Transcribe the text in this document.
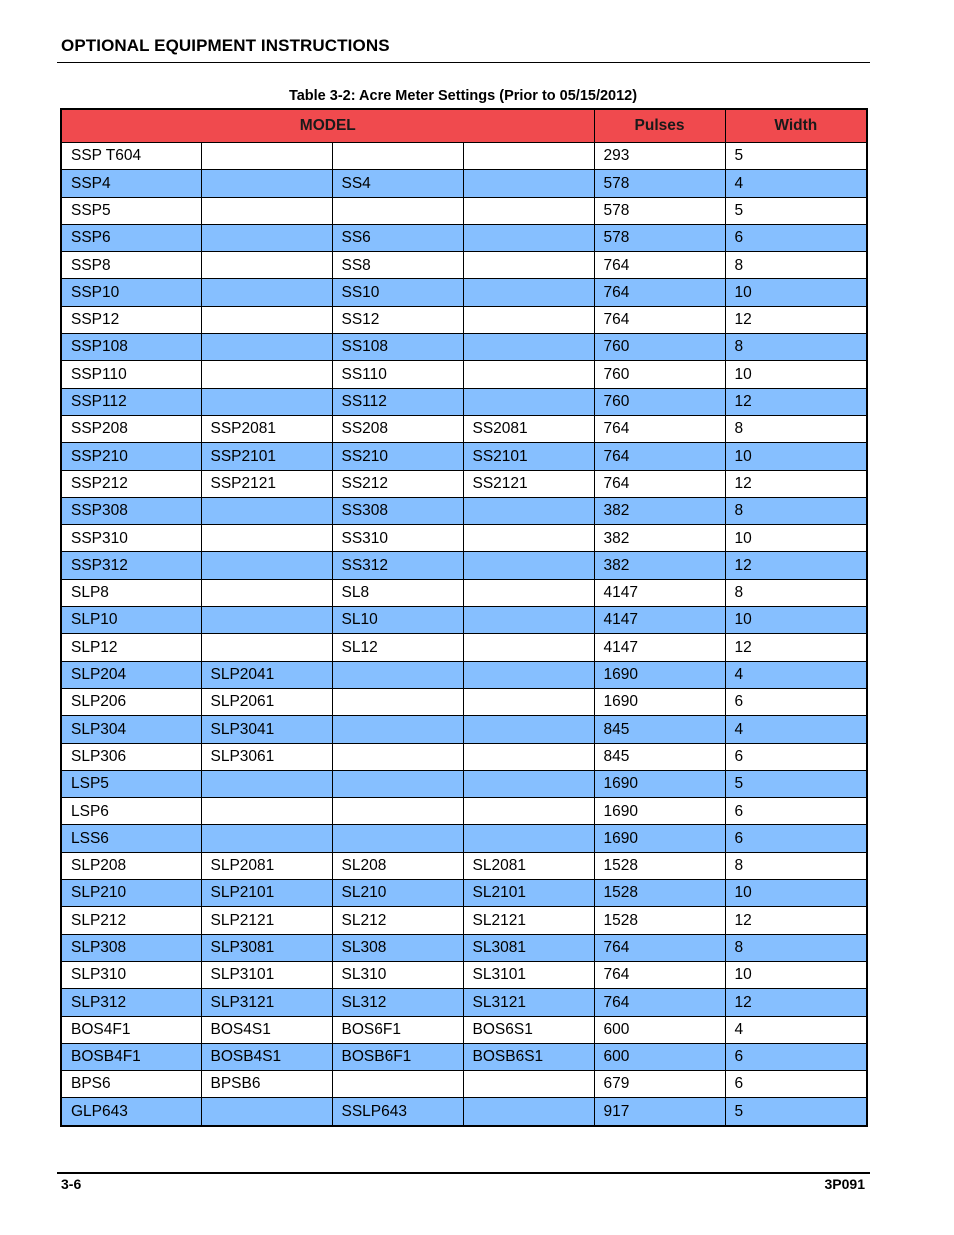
OPTIONAL EQUIPMENT INSTRUCTIONS
Table 3-2: Acre Meter Settings (Prior to 05/15/2012)
MODEL				Pulses	Width
SSP T604				293	5
SSP4		SS4		578	4
SSP5				578	5
SSP6		SS6		578	6
SSP8		SS8		764	8
SSP10		SS10		764	10
SSP12		SS12		764	12
SSP108		SS108		760	8
SSP110		SS110		760	10
SSP112		SS112		760	12
SSP208	SSP2081	SS208	SS2081	764	8
SSP210	SSP2101	SS210	SS2101	764	10
SSP212	SSP2121	SS212	SS2121	764	12
SSP308		SS308		382	8
SSP310		SS310		382	10
SSP312		SS312		382	12
SLP8		SL8		4147	8
SLP10		SL10		4147	10
SLP12		SL12		4147	12
SLP204	SLP2041			1690	4
SLP206	SLP2061			1690	6
SLP304	SLP3041			845	4
SLP306	SLP3061			845	6
LSP5				1690	5
LSP6				1690	6
LSS6				1690	6
SLP208	SLP2081	SL208	SL2081	1528	8
SLP210	SLP2101	SL210	SL2101	1528	10
SLP212	SLP2121	SL212	SL2121	1528	12
SLP308	SLP3081	SL308	SL3081	764	8
SLP310	SLP3101	SL310	SL3101	764	10
SLP312	SLP3121	SL312	SL3121	764	12
BOS4F1	BOS4S1	BOS6F1	BOS6S1	600	4
BOSB4F1	BOSB4S1	BOSB6F1	BOSB6S1	600	6
BPS6	BPSB6			679	6
GLP643		SSLP643		917	5
3-6	3P091
